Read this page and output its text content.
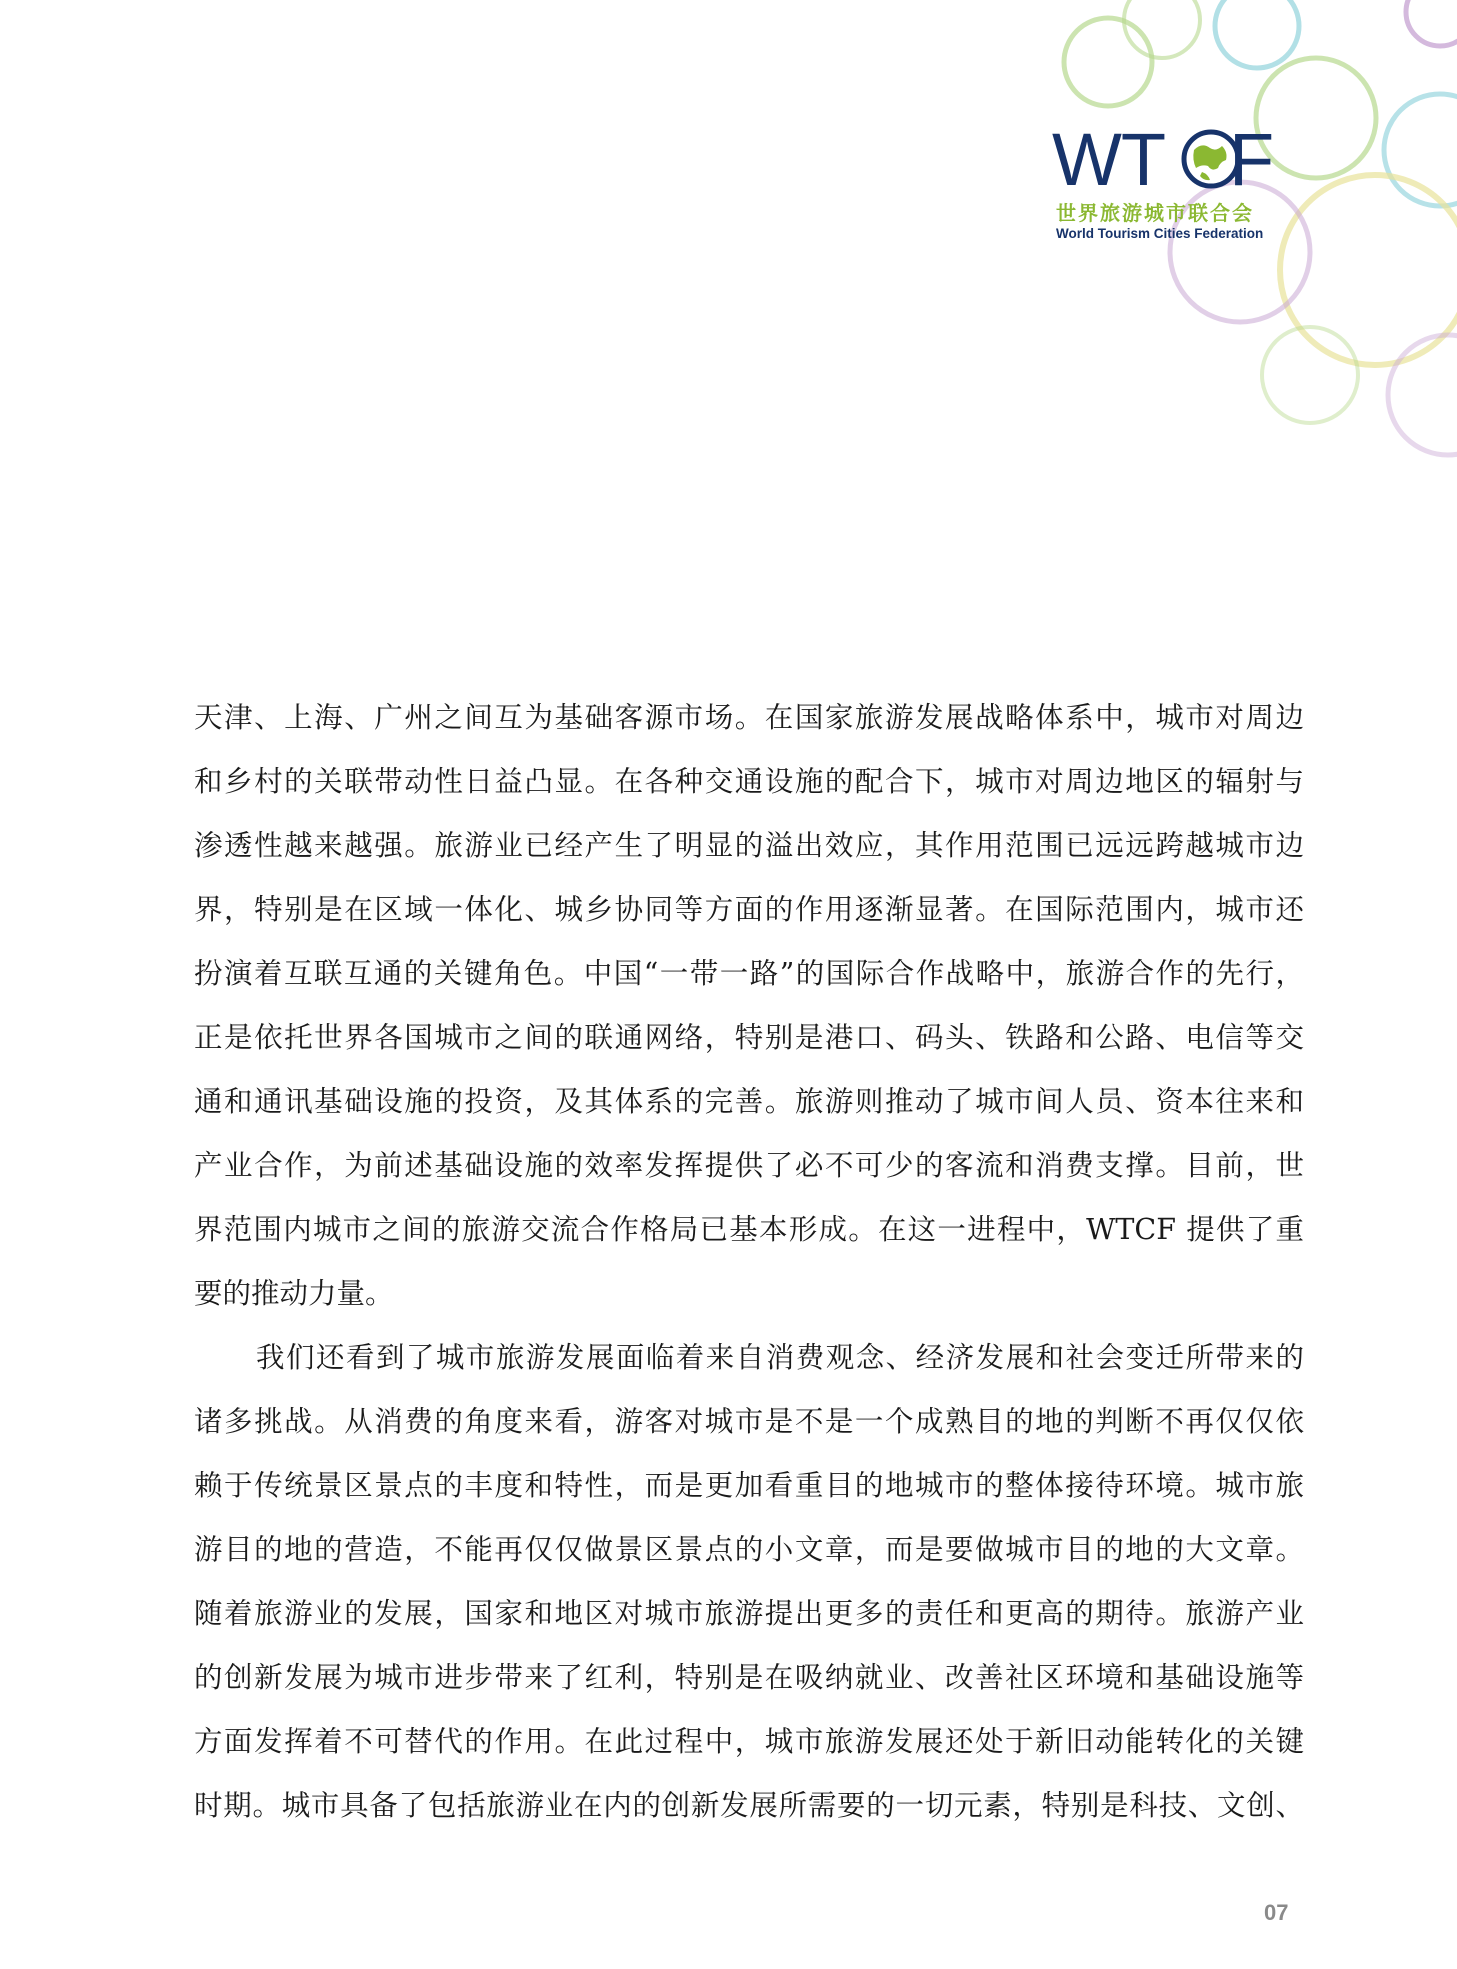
WT F
世界旅游城市联合会
World Tourism Cities Federation
天津、上海、广州之间互为基础客源市场。在国家旅游发展战略体系中，城市对周边
和乡村的关联带动性日益凸显。在各种交通设施的配合下，城市对周边地区的辐射与
渗透性越来越强。旅游业已经产生了明显的溢出效应，其作用范围已远远跨越城市边
界，特别是在区域一体化、城乡协同等方面的作用逐渐显著。在国际范围内，城市还
扮演着互联互通的关键角色。中国“一带一路”的国际合作战略中，旅游合作的先行，
正是依托世界各国城市之间的联通网络，特别是港口、码头、铁路和公路、电信等交
通和通讯基础设施的投资，及其体系的完善。旅游则推动了城市间人员、资本往来和
产业合作，为前述基础设施的效率发挥提供了必不可少的客流和消费支撑。目前，世
界范围内城市之间的旅游交流合作格局已基本形成。在这一进程中，WTCF 提供了重
要的推动力量。
我们还看到了城市旅游发展面临着来自消费观念、经济发展和社会变迁所带来的
诸多挑战。从消费的角度来看，游客对城市是不是一个成熟目的地的判断不再仅仅依
赖于传统景区景点的丰度和特性，而是更加看重目的地城市的整体接待环境。城市旅
游目的地的营造，不能再仅仅做景区景点的小文章，而是要做城市目的地的大文章。
随着旅游业的发展，国家和地区对城市旅游提出更多的责任和更高的期待。旅游产业
的创新发展为城市进步带来了红利，特别是在吸纳就业、改善社区环境和基础设施等
方面发挥着不可替代的作用。在此过程中，城市旅游发展还处于新旧动能转化的关键
时期。城市具备了包括旅游业在内的创新发展所需要的一切元素，特别是科技、文创、
07
